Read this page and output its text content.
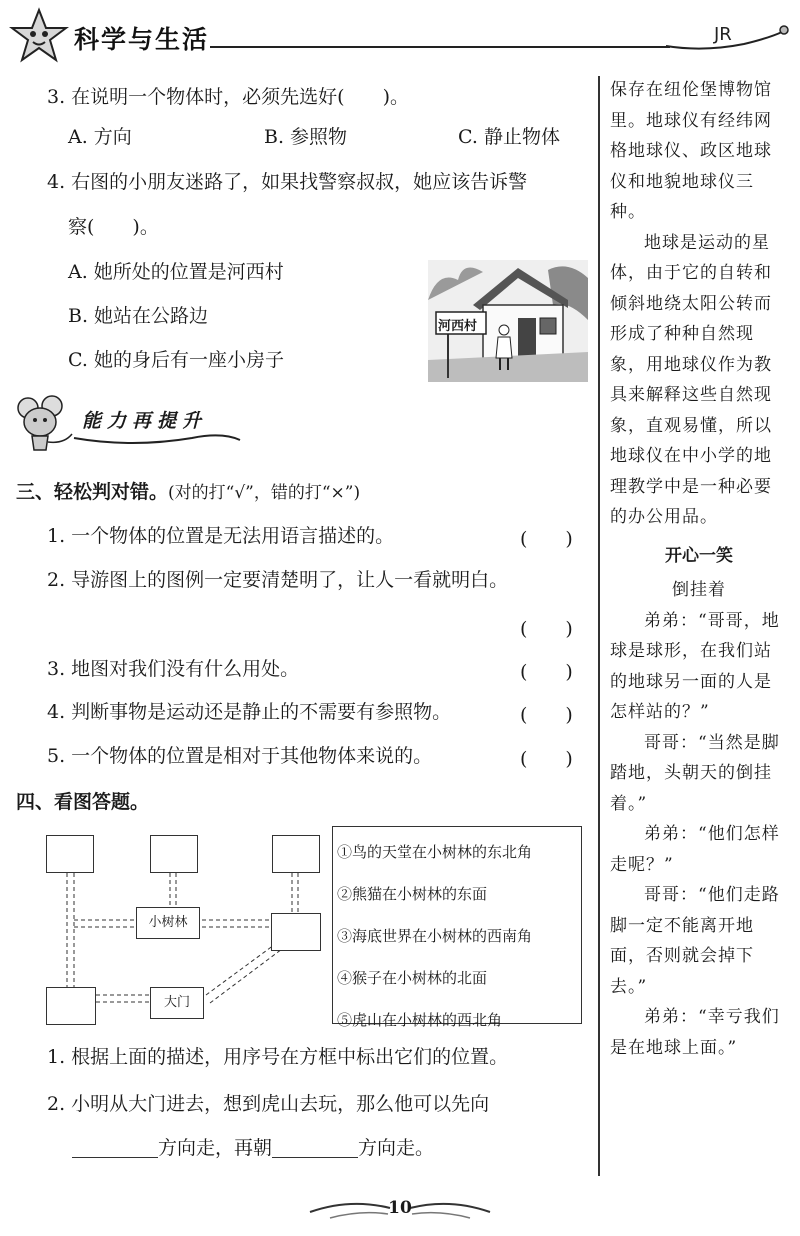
科学与生活	JR
3. 在说明一个物体时，必须先选好(　　)。
A. 方向	B. 参照物	C. 静止物体
4. 右图的小朋友迷路了，如果找警察叔叔，她应该告诉警
察(　　)。
A. 她所处的位置是河西村
B. 她站在公路边
C. 她的身后有一座小房子
河西村
能力再提升
三、轻松判对错。(对的打“√”，错的打“×”)
1. 一个物体的位置是无法用语言描述的。	(　　)
2. 导游图上的图例一定要清楚明了，让人一看就明白。
(　　)
3. 地图对我们没有什么用处。	(　　)
4. 判断事物是运动还是静止的不需要有参照物。	(　　)
5. 一个物体的位置是相对于其他物体来说的。	(　　)
四、看图答题。
小树林
大门
①鸟的天堂在小树林的东北角
②熊猫在小树林的东面
③海底世界在小树林的西南角
④猴子在小树林的北面
⑤虎山在小树林的西北角
1. 根据上面的描述，用序号在方框中标出它们的位置。
2. 小明从大门进去，想到虎山去玩，那么他可以先向
方向走，再朝	方向走。

保存在纽伦堡博物馆里。地球仪有经纬网格地球仪、政区地球仪和地貌地球仪三种。

地球是运动的星体，由于它的自转和倾斜地绕太阳公转而形成了种种自然现象，用地球仪作为教具来解释这些自然现象，直观易懂，所以地球仪在中小学的地理教学中是一种必要的办公用品。

开心一笑

倒挂着

弟弟：“哥哥，地球是球形，在我们站的地球另一面的人是怎样站的？”

哥哥：“当然是脚踏地，头朝天的倒挂着。”

弟弟：“他们怎样走呢？”

哥哥：“他们走路脚一定不能离开地面，否则就会掉下去。”

弟弟：“幸亏我们是在地球上面。”

10
